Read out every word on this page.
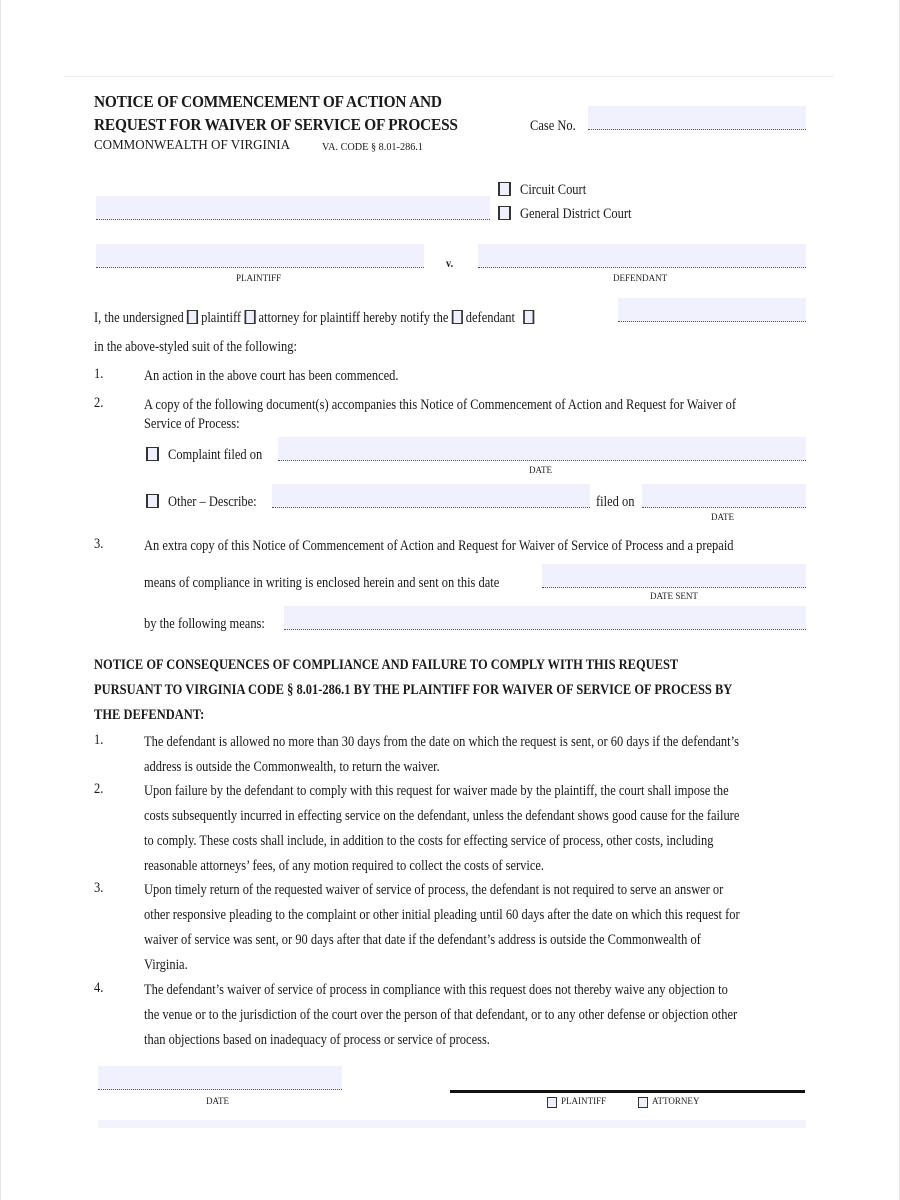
NOTICE OF COMMENCEMENT OF ACTION AND
REQUEST FOR WAIVER OF SERVICE OF PROCESS
COMMONWEALTH OF VIRGINIA	VA. CODE § 8.01-286.1
Case No.
Circuit Court
General District Court
PLAINTIFF
v.
DEFENDANT
I, the undersigned plaintiff attorney for plaintiff hereby notify the defendant
in the above-styled suit of the following:
1.	An action in the above court has been commenced.
2.	A copy of the following document(s) accompanies this Notice of Commencement of Action and Request for Waiver of
Service of Process:
Complaint filed on
DATE
Other – Describe:	filed on
DATE
3.	An extra copy of this Notice of Commencement of Action and Request for Waiver of Service of Process and a prepaid
means of compliance in writing is enclosed herein and sent on this date
DATE SENT
by the following means:
NOTICE OF CONSEQUENCES OF COMPLIANCE AND FAILURE TO COMPLY WITH THIS REQUEST
PURSUANT TO VIRGINIA CODE § 8.01-286.1 BY THE PLAINTIFF FOR WAIVER OF SERVICE OF PROCESS BY
THE DEFENDANT:
1.	The defendant is allowed no more than 30 days from the date on which the request is sent, or 60 days if the defendant’s
address is outside the Commonwealth, to return the waiver.
2.	Upon failure by the defendant to comply with this request for waiver made by the plaintiff, the court shall impose the
costs subsequently incurred in effecting service on the defendant, unless the defendant shows good cause for the failure
to comply. These costs shall include, in addition to the costs for effecting service of process, other costs, including
reasonable attorneys’ fees, of any motion required to collect the costs of service.
3.	Upon timely return of the requested waiver of service of process, the defendant is not required to serve an answer or
other responsive pleading to the complaint or other initial pleading until 60 days after the date on which this request for
waiver of service was sent, or 90 days after that date if the defendant’s address is outside the Commonwealth of
Virginia.
4.	The defendant’s waiver of service of process in compliance with this request does not thereby waive any objection to
the venue or to the jurisdiction of the court over the person of that defendant, or to any other defense or objection other
than objections based on inadequacy of process or service of process.
DATE	PLAINTIFF	ATTORNEY
